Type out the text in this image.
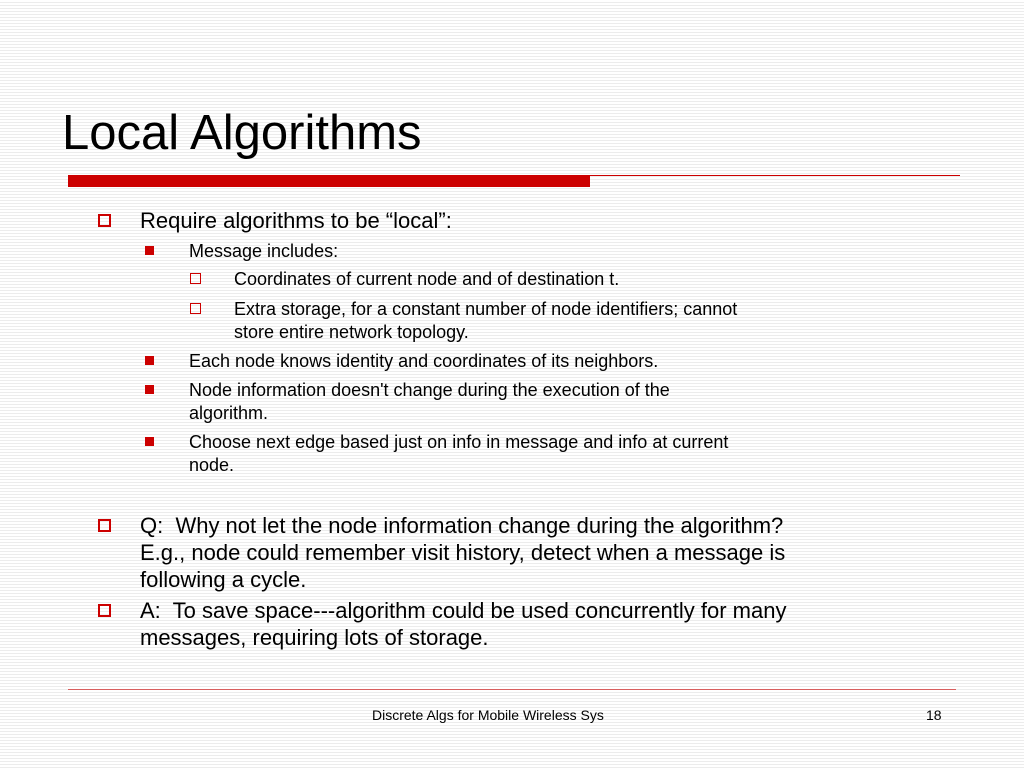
Local Algorithms
Require algorithms to be “local”:
Message includes:
Coordinates of current node and of destination t.
Extra storage, for a constant number of node identifiers; cannot
store entire network topology.
Each node knows identity and coordinates of its neighbors.
Node information doesn't change during the execution of the
algorithm.
Choose next edge based just on info in message and info at current
node.
Q:  Why not let the node information change during the algorithm?
E.g., node could remember visit history, detect when a message is
following a cycle.
A:  To save space---algorithm could be used concurrently for many
messages, requiring lots of storage.
Discrete Algs for Mobile Wireless Sys	18
